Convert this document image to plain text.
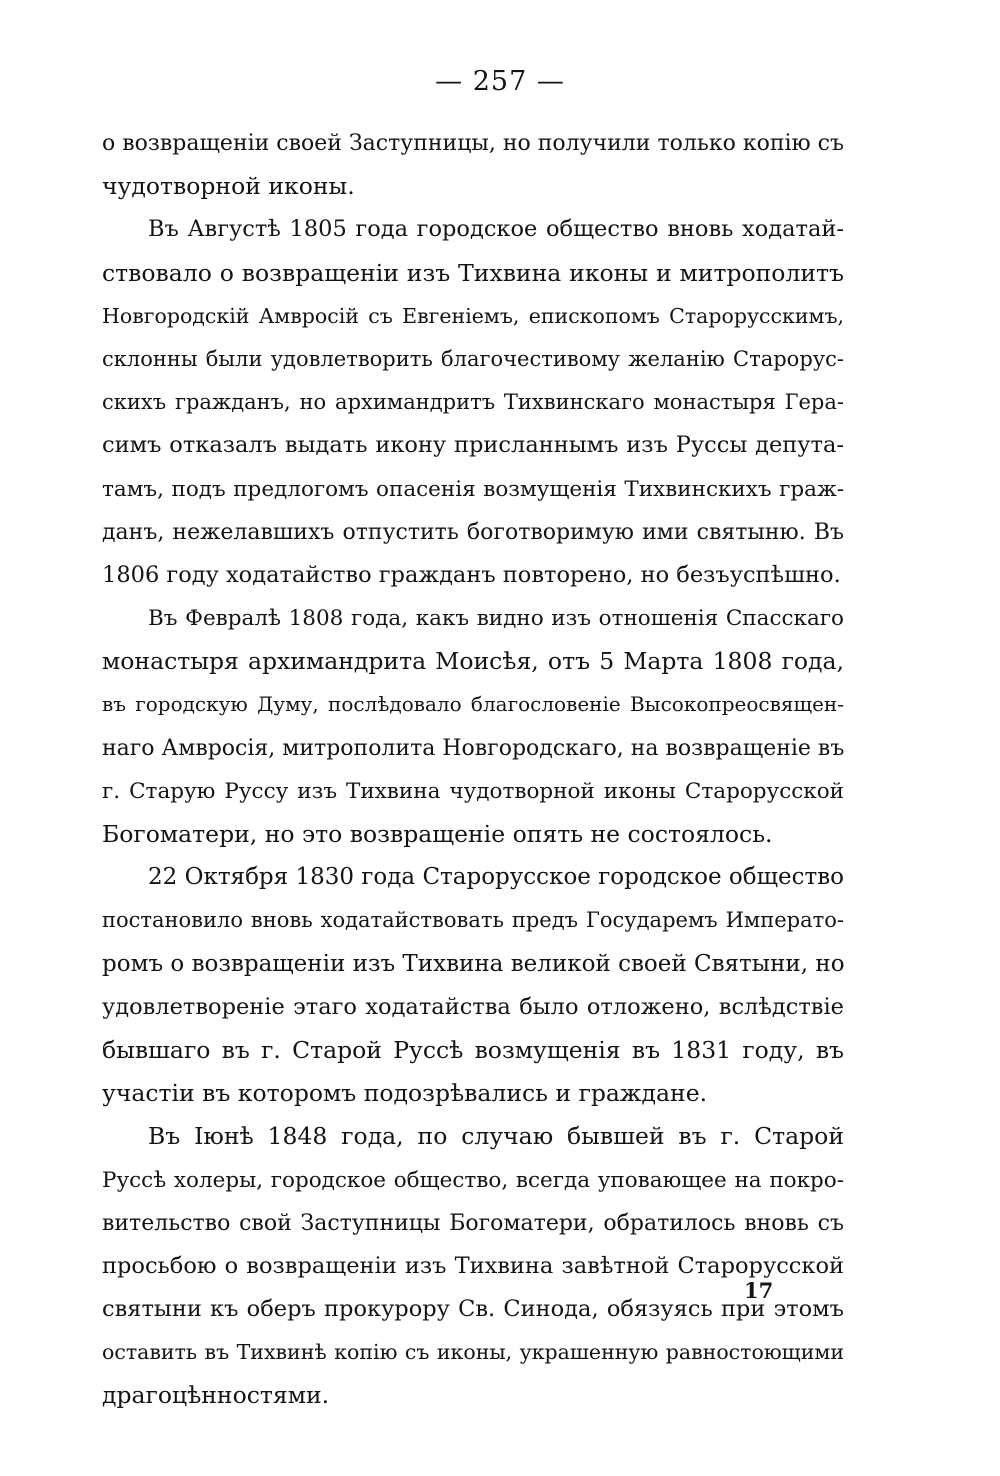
— 257 —
о возвращеніи своей Заступницы, но получили только копію съ
чудотворной иконы.
Въ Августѣ 1805 года городское общество вновь ходатай-
ствовало о возвращеніи изъ Тихвина иконы и митрополитъ
Новгородскій Амвросій съ Евгеніемъ, епископомъ Старорусскимъ,
склонны были удовлетворить благочестивому желанію Старорус-
скихъ гражданъ, но архимандритъ Тихвинскаго монастыря Гера-
симъ отказалъ выдать икону присланнымъ изъ Руссы депута-
тамъ, подъ предлогомъ опасенія возмущенія Тихвинскихъ граж-
данъ, нежелавшихъ отпустить боготворимую ими святыню. Въ
1806 году ходатайство гражданъ повторено, но безъуспѣшно.
Въ Февралѣ 1808 года, какъ видно изъ отношенія Спасскаго
монастыря архимандрита Моисѣя, отъ 5 Марта 1808 года,
въ городскую Думу, послѣдовало благословеніе Высокопреосвящен-
наго Амвросія, митрополита Новгородскаго, на возвращеніе въ
г. Старую Руссу изъ Тихвина чудотворной иконы Старорусской
Богоматери, но это возвращеніе опять не состоялось.
22 Октября 1830 года Старорусское городское общество
постановило вновь ходатайствовать предъ Государемъ Императо-
ромъ о возвращеніи изъ Тихвина великой своей Святыни, но
удовлетвореніе этаго ходатайства было отложено, вслѣдствіе
бывшаго въ г. Старой Руссѣ возмущенія въ 1831 году, въ
участіи въ которомъ подозрѣвались и граждане.
Въ Іюнѣ 1848 года, по случаю бывшей въ г. Старой
Руссѣ холеры, городское общество, всегда уповающее на покро-
вительство свой Заступницы Богоматери, обратилось вновь съ
просьбою о возвращеніи изъ Тихвина завѣтной Старорусской
святыни къ оберъ прокурору Св. Синода, обязуясь при этомъ
оставить въ Тихвинѣ копію съ иконы, украшенную равностоющими
драгоцѣнностями.
17
